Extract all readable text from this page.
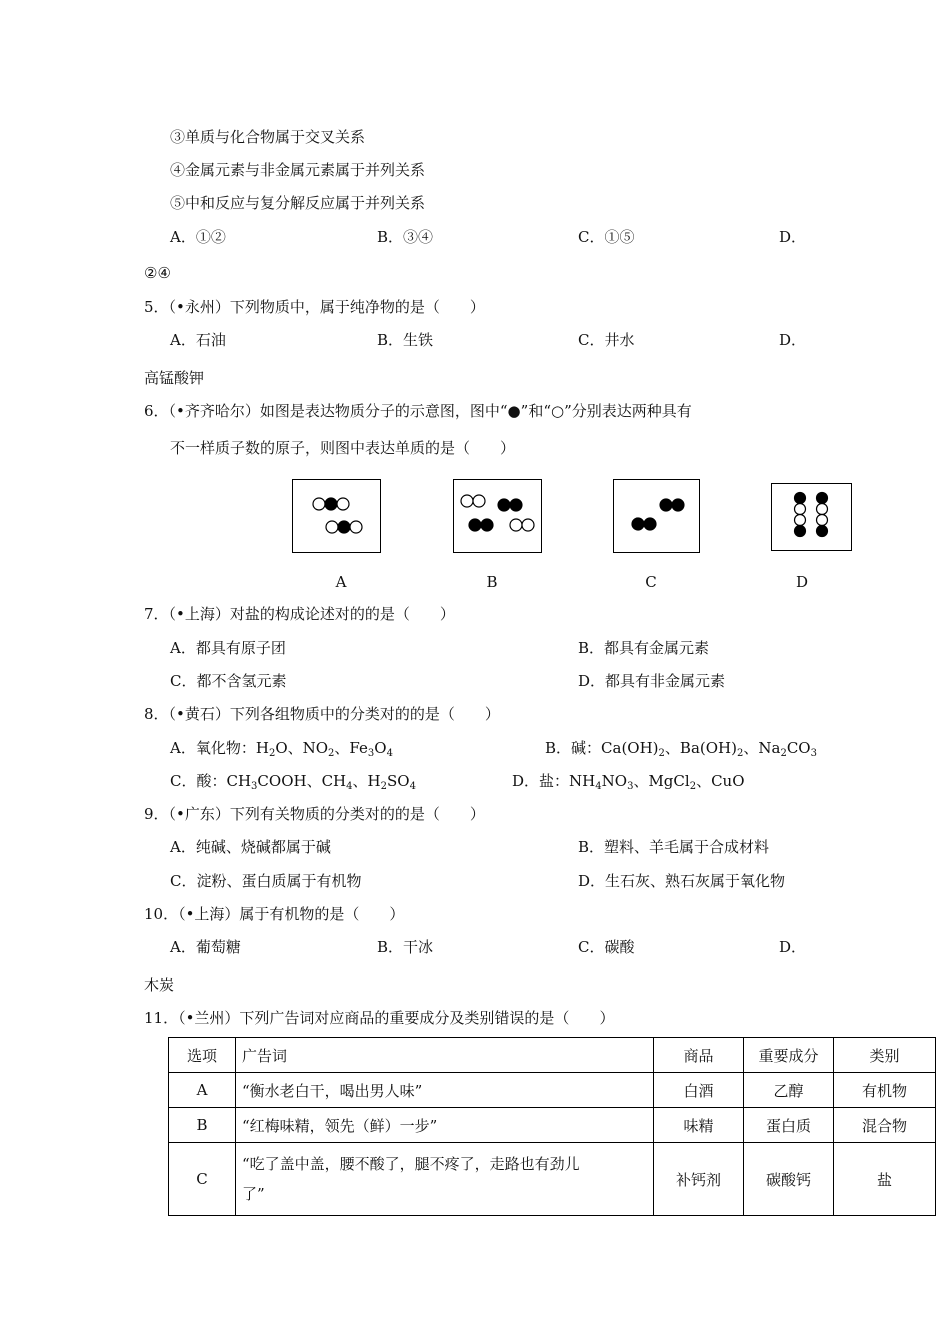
③单质与化合物属于交叉关系
④金属元素与非金属元素属于并列关系
⑤中和反应与复分解反应属于并列关系
A．①②	B．③④	C．①⑤	D．
②④
5．（•永州）下列物质中，属于纯净物的是（　　）
A．石油	B．生铁	C．井水	D．
高锰酸钾
6．（•齐齐哈尔）如图是表达物质分子的示意图，图中“●”和“○”分别表达两种具有
不一样质子数的原子，则图中表达单质的是（　　）
A	B	C	D
7．（•上海）对盐的构成论述对的的是（　　）
A．都具有原子团	B．都具有金属元素
C．都不含氢元素	D．都具有非金属元素
8．（•黄石）下列各组物质中的分类对的的是（　　）
A．氧化物：$H_2O$、$NO_2$、$Fe_3O_4$	B．碱：$Ca(OH)_2$、$Ba(OH)_2$、$Na_2CO_3$
C．酸：$CH_3COOH$、$CH_4$、$H_2SO_4$	D．盐：$NH_4NO_3$、MgCl$_2$、CuO
9．（•广东）下列有关物质的分类对的的是（　　）
A．纯碱、烧碱都属于碱	B．塑料、羊毛属于合成材料
C．淀粉、蛋白质属于有机物	D．生石灰、熟石灰属于氧化物
10．（•上海）属于有机物的是（　　）
A．葡萄糖	B．干冰	C．碳酸	D．
木炭
11．（•兰州）下列广告词对应商品的重要成分及类别错误的是（　　）
选项	广告词	商品	重要成分	类别
A	“衡水老白干，喝出男人味”	白酒	乙醇	有机物
B	“红梅味精，领先（鲜）一步”	味精	蛋白质	混合物
C	“吃了盖中盖，腰不酸了，腿不疼了，走路也有劲儿
了”	补钙剂	碳酸钙	盐
